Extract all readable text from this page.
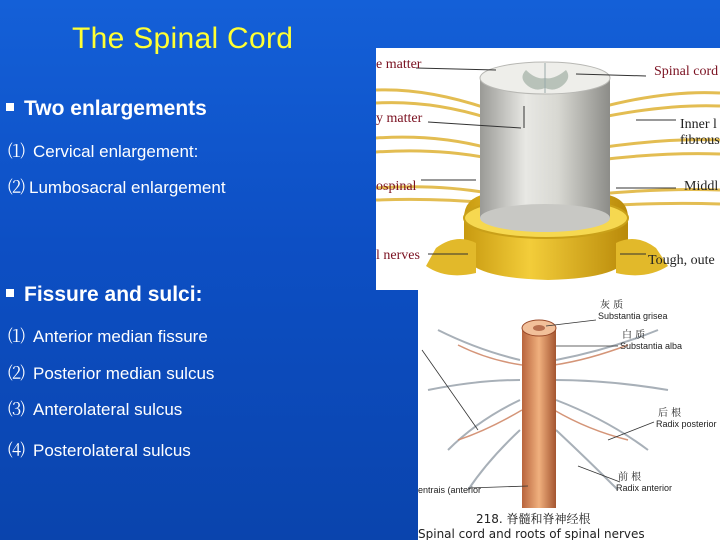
The Spinal Cord
Two enlargements
⑴ Cervical enlargement:
⑵ Lumbosacral enlargement
Fissure and sulci:
⑴ Anterior median fissure
⑵ Posterior median sulcus
⑶ Anterolateral sulcus
⑷ Posterolateral sulcus
e matter
y matter
ospinal
l nerves
Spinal cord
Inner l
fibrous
Middl
Tough, oute
灰 质
Substantia grisea
白 质
Substantia alba
后 根
Radix posterior
前 根
Radix anterior
entrais (anterior
218. 脊髓和脊神经根
Spinal cord and roots of spinal nerves
